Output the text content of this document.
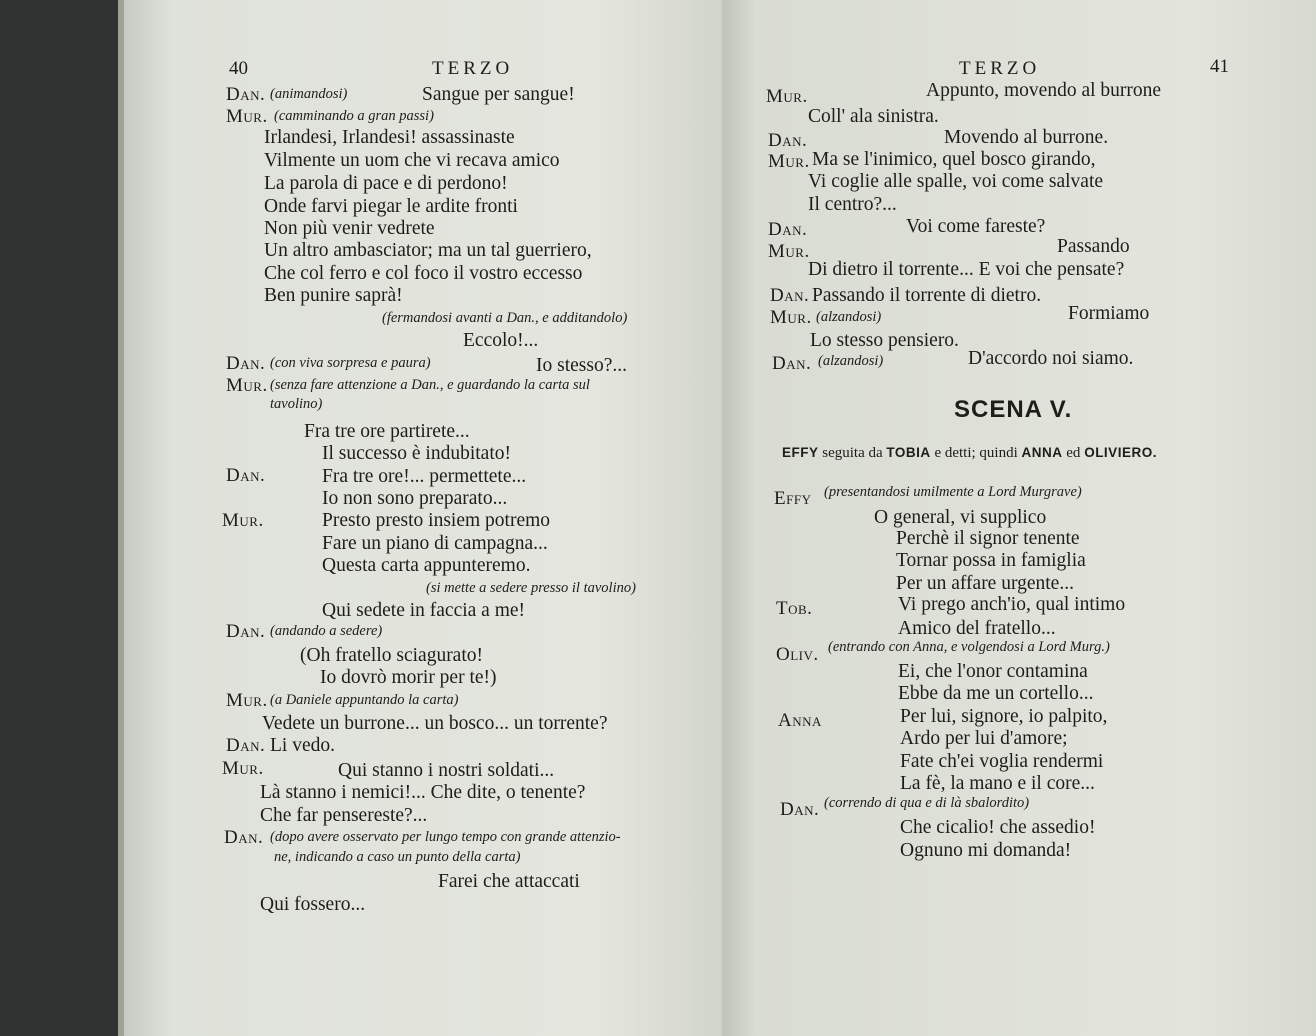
40	TERZO
Dan. (animandosi)	Sangue per sangue!
Mur. (camminando a gran passi)
Irlandesi, Irlandesi! assassinaste
Vilmente un uom che vi recava amico
La parola di pace e di perdono!
Onde farvi piegar le ardite fronti
Non più venir vedrete
Un altro ambasciator; ma un tal guerriero,
Che col ferro e col foco il vostro eccesso
Ben punire saprà!
(fermandosi avanti a Dan., e additandolo)
Eccolo!...
Dan. (con viva sorpresa e paura)	Io stesso?...
Mur. (senza fare attenzione a Dan., e guardando la carta sul
tavolino)
Fra tre ore partirete...
Il successo è indubitato!
Dan.	Fra tre ore!... permettete...
Io non sono preparato...
Mur.	Presto presto insiem potremo
Fare un piano di campagna...
Questa carta appunteremo.
(si mette a sedere presso il tavolino)
Qui sedete in faccia a me!
Dan. (andando a sedere)
(Oh fratello sciagurato!
Io dovrò morir per te!)
Mur. (a Daniele appuntando la carta)
Vedete un burrone... un bosco... un torrente?
Dan. Li vedo.
Mur.	Qui stanno i nostri soldati...
Là stanno i nemici!... Che dite, o tenente?
Che far pensereste?...
Dan. (dopo avere osservato per lungo tempo con grande attenzio-
ne, indicando a caso un punto della carta)
Farei che attaccati
Qui fossero...
TERZO	41
Mur.	Appunto, movendo al burrone
Coll' ala sinistra.
Dan.	Movendo al burrone.
Mur. Ma se l'inimico, quel bosco girando,
Vi coglie alle spalle, voi come salvate
Il centro?...
Dan.	Voi come fareste?
Mur.	Passando
Di dietro il torrente... E voi che pensate?
Dan. Passando il torrente di dietro.
Mur. (alzandosi)	Formiamo
Lo stesso pensiero.
Dan. (alzandosi)	D'accordo noi siamo.
SCENA V.
EFFY seguita da TOBIA e detti; quindi ANNA ed OLIVIERO.
Effy (presentandosi umilmente a Lord Murgrave)
O general, vi supplico
Perchè il signor tenente
Tornar possa in famiglia
Per un affare urgente...
Tob.	Vi prego anch'io, qual intimo
Amico del fratello...
Oliv. (entrando con Anna, e volgendosi a Lord Murg.)
Ei, che l'onor contamina
Ebbe da me un cortello...
Anna	Per lui, signore, io palpito,
Ardo per lui d'amore;
Fate ch'ei voglia rendermi
La fè, la mano e il core...
Dan. (correndo di qua e di là sbalordito)
Che cicalio! che assedio!
Ognuno mi domanda!
